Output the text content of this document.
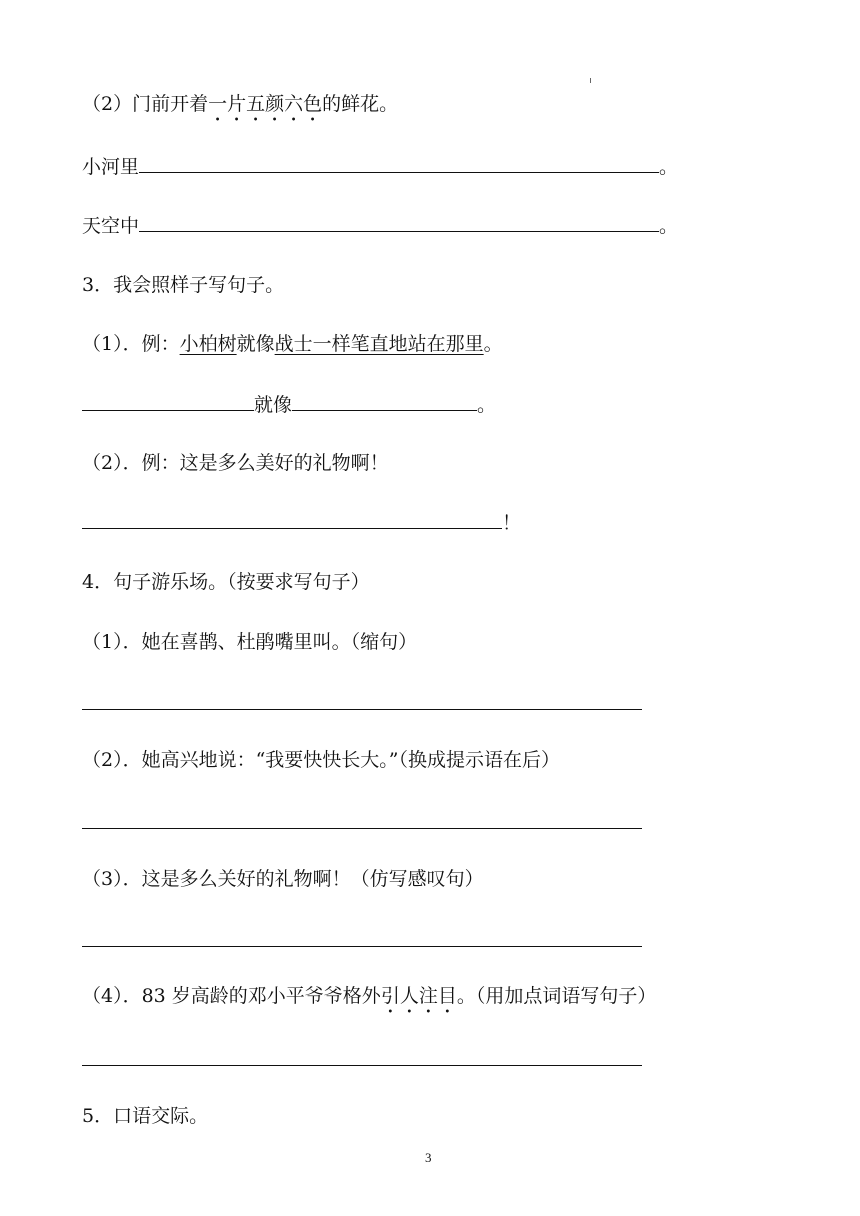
（2）门前开着一片五颜六色的鲜花。
小河里	。
天空中	。
3．我会照样子写句子。
（1）．例：小柏树就像战士一样笔直地站在那里。
就像	。
（2）．例：这是多么美好的礼物啊！
！
4．句子游乐场。（按要求写句子）
（1）．她在喜鹊、杜鹃嘴里叫。（缩句）
（2）．她高兴地说：“我要快快长大。”（换成提示语在后）
（3）．这是多么关好的礼物啊！（仿写感叹句）
（4）．83 岁高龄的邓小平爷爷格外引人注目。（用加点词语写句子）
5．口语交际。
3
